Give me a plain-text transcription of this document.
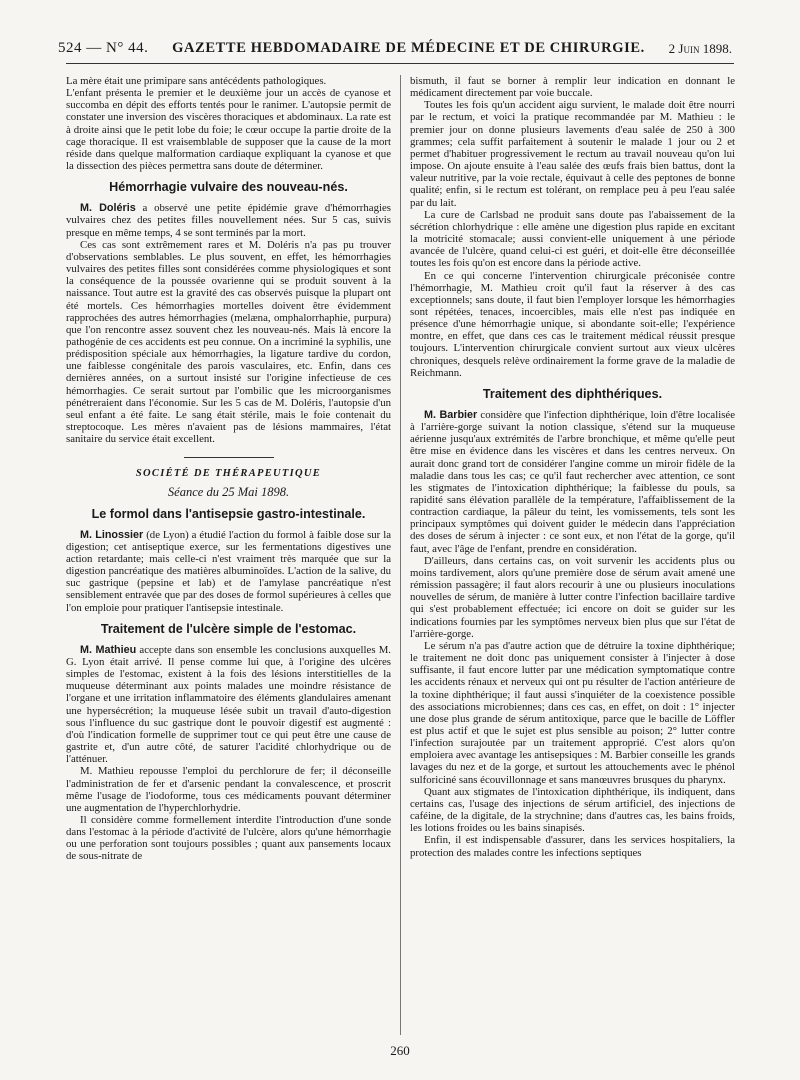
524 — N° 44. GAZETTE HEBDOMADAIRE DE MÉDECINE ET DE CHIRURGIE. 2 Juin 1898.

La mère était une primipare sans antécédents pathologiques.

L'enfant présenta le premier et le deuxième jour un accès de cyanose et succomba en dépit des efforts tentés pour le ranimer. L'autopsie permit de constater une inversion des viscères thoraciques et abdominaux. La rate est à droite ainsi que le petit lobe du foie; le cœur occupe la partie droite de la cage thoracique. Il est vraisemblable de supposer que la cause de la mort réside dans quelque malformation cardiaque expliquant la cyanose et que la dissection des pièces permettra sans doute de déterminer.

Hémorrhagie vulvaire des nouveau-nés.

M. Doléris a observé une petite épidémie grave d'hémorrhagies vulvaires chez des petites filles nouvellement nées. Sur 5 cas, suivis presque en même temps, 4 se sont terminés par la mort.

Ces cas sont extrêmement rares et M. Doléris n'a pas pu trouver d'observations semblables. Le plus souvent, en effet, les hémorrhagies vulvaires des petites filles sont considérées comme physiologiques et sont la conséquence de la poussée ovarienne qui se produit souvent à la naissance. Tout autre est la gravité des cas observés puisque la plupart ont été mortels. Ces hémorrhagies mortelles doivent être évidemment rapprochées des autres hémorrhagies (melæna, omphalorrhaphie, purpura) que l'on rencontre assez souvent chez les nouveau-nés. Mais là encore la pathogénie de ces accidents est peu connue. On a incriminé la syphilis, une prédisposition spéciale aux hémorrhagies, la ligature tardive du cordon, une faiblesse congénitale des parois vasculaires, etc. Enfin, dans ces dernières années, on a surtout insisté sur l'origine infectieuse de ces hémorrhagies. Ce serait surtout par l'ombilic que les microorganismes pénétreraient dans l'économie. Sur les 5 cas de M. Doléris, l'autopsie d'un seul enfant a été faite. Le sang était stérile, mais le foie contenait du streptocoque. Les mères n'avaient pas de lésions mammaires, l'état sanitaire du service était excellent.

SOCIÉTÉ DE THÉRAPEUTIQUE
Séance du 25 Mai 1898.
Le formol dans l'antisepsie gastro-intestinale.

M. Linossier (de Lyon) a étudié l'action du formol à faible dose sur la digestion; cet antiseptique exerce, sur les fermentations digestives une action retardante; mais celle-ci n'est vraiment très marquée que sur la digestion pancréatique des matières albuminoïdes. L'action de la salive, du suc gastrique (pepsine et lab) et de l'amylase pancréatique n'est sensiblement entravée que par des doses de formol supérieures à celles que l'on emploie pour pratiquer l'antisepsie intestinale.

Traitement de l'ulcère simple de l'estomac.

M. Mathieu accepte dans son ensemble les conclusions auxquelles M. G. Lyon était arrivé. Il pense comme lui que, à l'origine des ulcères simples de l'estomac, existent à la fois des lésions interstitielles de la muqueuse déterminant aux points malades une moindre résistance de l'organe et une irritation inflammatoire des éléments glandulaires amenant une hypersécrétion; la muqueuse lésée subit un travail d'auto-digestion sous l'influence du suc gastrique dont le pouvoir digestif est augmenté : d'où l'indication formelle de supprimer tout ce qui peut être une cause de gastrite et, d'un autre côté, de saturer l'acidité chlorhydrique ou de l'atténuer.

M. Mathieu repousse l'emploi du perchlorure de fer; il déconseille l'administration de fer et d'arsenic pendant la convalescence, et proscrit même l'usage de l'iodoforme, tous ces médicaments pouvant déterminer une augmentation de l'hyperchlorhydrie.

Il considère comme formellement interdite l'introduction d'une sonde dans l'estomac à la période d'activité de l'ulcère, alors qu'une hémorrhagie ou une perforation sont toujours possibles ; quant aux pansements locaux de sous-nitrate de

bismuth, il faut se borner à remplir leur indication en donnant le médicament directement par voie buccale.

Toutes les fois qu'un accident aigu survient, le malade doit être nourri par le rectum, et voici la pratique recommandée par M. Mathieu : le premier jour on donne plusieurs lavements d'eau salée de 250 à 300 grammes; cela suffit parfaitement à soutenir le malade 1 jour ou 2 et permet d'habituer progressivement le rectum au travail nouveau qu'on lui impose. On ajoute ensuite à l'eau salée des œufs frais bien battus, dont la valeur nutritive, par la voie rectale, équivaut à celle des peptones de bonne qualité; enfin, si le rectum est tolérant, on remplace peu à peu l'eau salée par du lait.

La cure de Carlsbad ne produit sans doute pas l'abaissement de la sécrétion chlorhydrique : elle amène une digestion plus rapide en excitant la motricité stomacale; aussi convient-elle uniquement à une période avancée de l'ulcère, quand celui-ci est guéri, et doit-elle être déconseillée toutes les fois qu'on est encore dans la période active.

En ce qui concerne l'intervention chirurgicale préconisée contre l'hémorrhagie, M. Mathieu croit qu'il faut la réserver à des cas exceptionnels; sans doute, il faut bien l'employer lorsque les hémorrhagies sont répétées, tenaces, incoercibles, mais elle n'est pas indiquée en présence d'une hémorrhagie unique, si abondante soit-elle; l'expérience montre, en effet, que dans ces cas le traitement médical réussit presque toujours. L'intervention chirurgicale convient surtout aux vieux ulcères chroniques, desquels relève ordinairement la forme grave de la maladie de Reichmann.

Traitement des diphthériques.

M. Barbier considère que l'infection diphthérique, loin d'être localisée à l'arrière-gorge suivant la notion classique, s'étend sur la muqueuse aérienne jusqu'aux extrémités de l'arbre bronchique, et même qu'elle peut être mise en évidence dans les viscères et dans les centres nerveux. On aurait donc grand tort de considérer l'angine comme un miroir fidèle de la maladie dans tous les cas; ce qu'il faut rechercher avec attention, ce sont les stigmates de l'intoxication diphthérique; la faiblesse du pouls, sa rapidité sans élévation parallèle de la température, l'affaiblissement de la contraction cardiaque, la pâleur du teint, les vomissements, tels sont les principaux symptômes qui doivent guider le médecin dans l'appréciation des doses de sérum à injecter : ce sont eux, et non l'état de la gorge, qu'il faut, avec l'âge de l'enfant, prendre en considération.

D'ailleurs, dans certains cas, on voit survenir les accidents plus ou moins tardivement, alors qu'une première dose de sérum avait amené une rémission passagère; il faut alors recourir à une ou plusieurs inoculations nouvelles de sérum, de manière à lutter contre l'infection bacillaire tardive qui s'est probablement effectuée; ici encore on doit se guider sur les indications fournies par les symptômes nerveux bien plus que sur l'état de l'arrière-gorge.

Le sérum n'a pas d'autre action que de détruire la toxine diphthérique; le traitement ne doit donc pas uniquement consister à l'injecter à dose suffisante, il faut encore lutter par une médication symptomatique contre les accidents rénaux et nerveux qui ont pu résulter de l'action antérieure de la toxine diphthérique; il faut aussi s'inquiéter de la coexistence possible des associations microbiennes; dans ces cas, en effet, on doit : 1° injecter une dose plus grande de sérum antitoxique, parce que le bacille de Löffler est plus actif et que le sujet est plus sensible au poison; 2° lutter contre l'infection surajoutée par un traitement approprié. C'est alors qu'on emploiera avec avantage les antisepsiques : M. Barbier conseille les grands lavages du nez et de la gorge, et surtout les attouchements avec le phénol sulforiciné sans écouvillonnage et sans manœuvres brusques du pharynx.

Quant aux stigmates de l'intoxication diphthérique, ils indiquent, dans certains cas, l'usage des injections de sérum artificiel, des injections de caféine, de la digitale, de la strychnine; dans d'autres cas, les bains froids, les lotions froides ou les bains sinapisés.

Enfin, il est indispensable d'assurer, dans les services hospitaliers, la protection des malades contre les infections septiques

260
